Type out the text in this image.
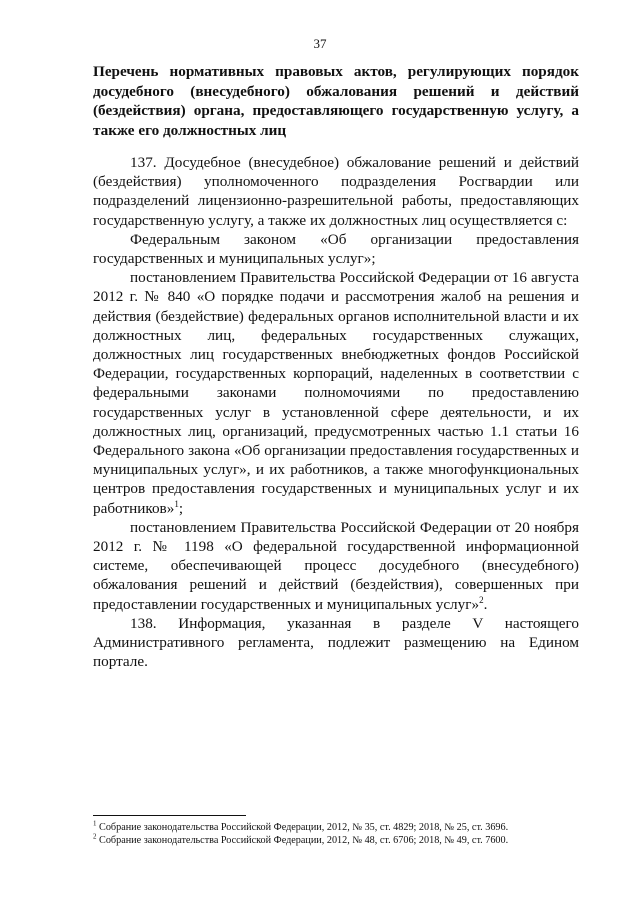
37
Перечень нормативных правовых актов, регулирующих порядок досудебного (внесудебного) обжалования решений и действий (бездействия) органа, предоставляющего государственную услугу, а также его должностных лиц

137. Досудебное (внесудебное) обжалование решений и действий (бездействия) уполномоченного подразделения Росгвардии или подразделений лицензионно-разрешительной работы, предоставляющих государственную услугу, а также их должностных лиц осуществляется с:

Федеральным законом «Об организации предоставления государственных и муниципальных услуг»;

постановлением Правительства Российской Федерации от 16 августа 2012 г. № 840 «О порядке подачи и рассмотрения жалоб на решения и действия (бездействие) федеральных органов исполнительной власти и их должностных лиц, федеральных государственных служащих, должностных лиц государственных внебюджетных фондов Российской Федерации, государственных корпораций, наделенных в соответствии с федеральными законами полномочиями по предоставлению государственных услуг в установленной сфере деятельности, и их должностных лиц, организаций, предусмотренных частью 1.1 статьи 16 Федерального закона «Об организации предоставления государственных и муниципальных услуг», и их работников, а также многофункциональных центров предоставления государственных и муниципальных услуг и их работников»$^1$;

постановлением Правительства Российской Федерации от 20 ноября 2012 г. № 1198 «О федеральной государственной информационной системе, обеспечивающей процесс досудебного (внесудебного) обжалования решений и действий (бездействия), совершенных при предоставлении государственных и муниципальных услуг»$^2$.

138. Информация, указанная в разделе V настоящего Административного регламента, подлежит размещению на Едином портале.

$^1$ Собрание законодательства Российской Федерации, 2012, № 35, ст. 4829; 2018, № 25, ст. 3696.
$^2$ Собрание законодательства Российской Федерации, 2012, № 48, ст. 6706; 2018, № 49, ст. 7600.
